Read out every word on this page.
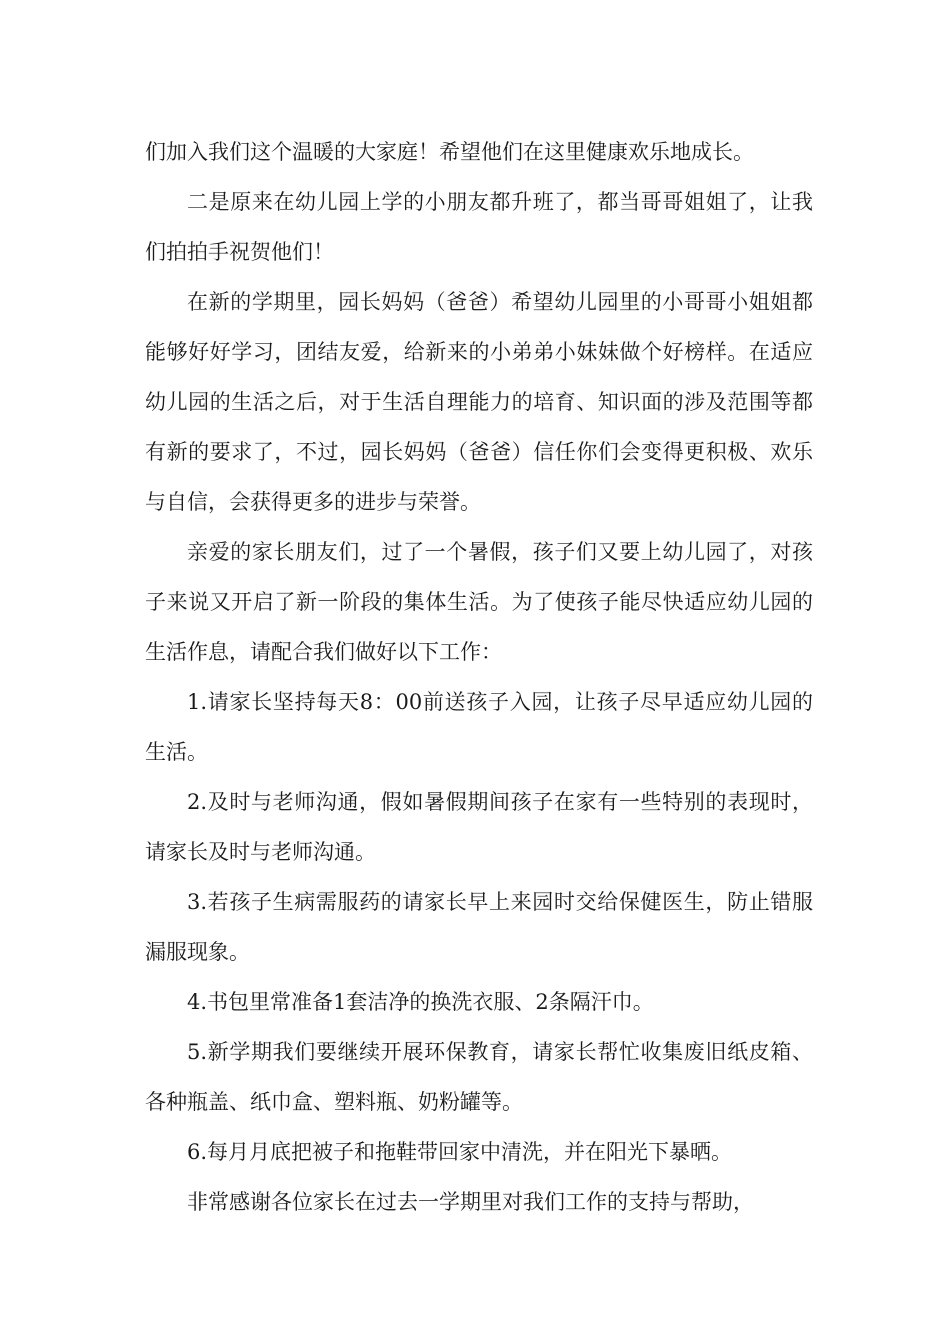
们加入我们这个温暖的大家庭！希望他们在这里健康欢乐地成长。

二是原来在幼儿园上学的小朋友都升班了，都当哥哥姐姐了，让我们拍拍手祝贺他们！

在新的学期里，园长妈妈（爸爸）希望幼儿园里的小哥哥小姐姐都能够好好学习，团结友爱，给新来的小弟弟小妹妹做个好榜样。在适应幼儿园的生活之后，对于生活自理能力的培育、知识面的涉及范围等都有新的要求了，不过，园长妈妈（爸爸）信任你们会变得更积极、欢乐与自信，会获得更多的进步与荣誉。

亲爱的家长朋友们，过了一个暑假，孩子们又要上幼儿园了，对孩子来说又开启了新一阶段的集体生活。为了使孩子能尽快适应幼儿园的生活作息，请配合我们做好以下工作：

1.请家长坚持每天8：00前送孩子入园，让孩子尽早适应幼儿园的生活。

2.及时与老师沟通，假如暑假期间孩子在家有一些特别的表现时，请家长及时与老师沟通。

3.若孩子生病需服药的请家长早上来园时交给保健医生，防止错服漏服现象。

4.书包里常准备1套洁净的换洗衣服、2条隔汗巾。

5.新学期我们要继续开展环保教育，请家长帮忙收集废旧纸皮箱、各种瓶盖、纸巾盒、塑料瓶、奶粉罐等。

6.每月月底把被子和拖鞋带回家中清洗，并在阳光下暴晒。

非常感谢各位家长在过去一学期里对我们工作的支持与帮助，
